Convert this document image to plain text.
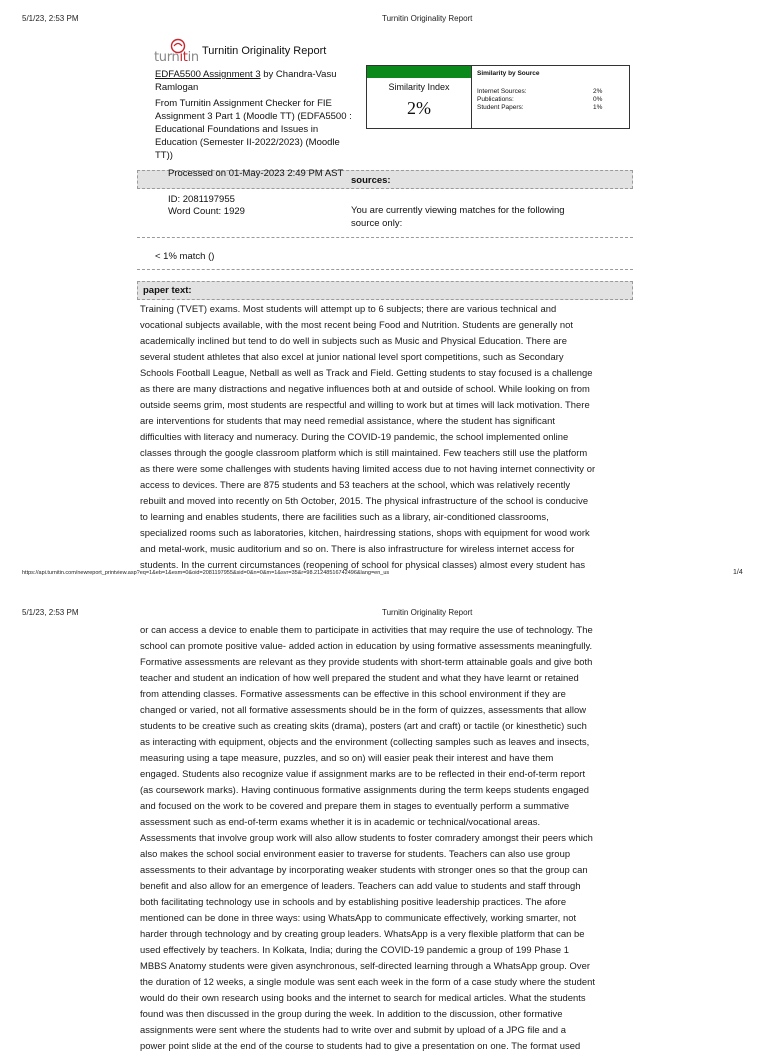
5/1/23, 2:53 PM	Turnitin Originality Report
turnitin Turnitin Originality Report
EDFA5500 Assignment 3 by Chandra-Vasu Ramlogan
From Turnitin Assignment Checker for FIE Assignment 3 Part 1 (Moodle TT) (EDFA5500 : Educational Foundations and Issues in Education (Semester II-2022/2023) (Moodle TT))
Similarity Index
2%
Similarity by Source
Internet Sources:	2%
Publications:	0%
Student Papers:	1%
Processed on 01-May-2023 2:49 PM AST
ID: 2081197955
Word Count: 1929
sources:
You are currently viewing matches for the following source only:
< 1% match ()
paper text:
Training (TVET) exams. Most students will attempt up to 6 subjects; there are various technical and
vocational subjects available, with the most recent being Food and Nutrition. Students are generally not
academically inclined but tend to do well in subjects such as Music and Physical Education. There are
several student athletes that also excel at junior national level sport competitions, such as Secondary
Schools Football League, Netball as well as Track and Field. Getting students to stay focused is a challenge
as there are many distractions and negative influences both at and outside of school. While looking on from
outside seems grim, most students are respectful and willing to work but at times will lack motivation. There
are interventions for students that may need remedial assistance, where the student has significant
difficulties with literacy and numeracy. During the COVID-19 pandemic, the school implemented online
classes through the google classroom platform which is still maintained. Few teachers still use the platform
as there were some challenges with students having limited access due to not having internet connectivity or
access to devices. There are 875 students and 53 teachers at the school, which was relatively recently
rebuilt and moved into recently on 5th October, 2015. The physical infrastructure of the school is conducive
to learning and enables students, there are facilities such as a library, air-conditioned classrooms,
specialized rooms such as laboratories, kitchen, hairdressing stations, shops with equipment for wood work
and metal-work, music auditorium and so on. There is also infrastructure for wireless internet access for
students. In the current circumstances (reopening of school for physical classes) almost every student has
https://api.turnitin.com/newreport_printview.asp?eq=1&eb=1&esm=0&oid=2081197955&sid=0&n=0&m=1&svr=35&r=98.21248516742496&lang=en_us	1/4
5/1/23, 2:53 PM	Turnitin Originality Report
or can access a device to enable them to participate in activities that may require the use of technology. The
school can promote positive value- added action in education by using formative assessments meaningfully.
Formative assessments are relevant as they provide students with short-term attainable goals and give both
teacher and student an indication of how well prepared the student and what they have learnt or retained
from attending classes. Formative assessments can be effective in this school environment if they are
changed or varied, not all formative assessments should be in the form of quizzes, assessments that allow
students to be creative such as creating skits (drama), posters (art and craft) or tactile (or kinesthetic) such
as interacting with equipment, objects and the environment (collecting samples such as leaves and insects,
measuring using a tape measure, puzzles, and so on) will easier peak their interest and have them
engaged. Students also recognize value if assignment marks are to be reflected in their end-of-term report
(as coursework marks). Having continuous formative assignments during the term keeps students engaged
and focused on the work to be covered and prepare them in stages to eventually perform a summative
assessment such as end-of-term exams whether it is in academic or technical/vocational areas.
Assessments that involve group work will also allow students to foster comradery amongst their peers which
also makes the school social environment easier to traverse for students. Teachers can also use group
assessments to their advantage by incorporating weaker students with stronger ones so that the group can
benefit and also allow for an emergence of leaders. Teachers can add value to students and staff through
both facilitating technology use in schools and by establishing positive leadership practices. The afore
mentioned can be done in three ways: using WhatsApp to communicate effectively, working smarter, not
harder through technology and by creating group leaders. WhatsApp is a very flexible platform that can be
used effectively by teachers. In Kolkata, India; during the COVID-19 pandemic a group of 199 Phase 1
MBBS Anatomy students were given asynchronous, self-directed learning through a WhatsApp group. Over
the duration of 12 weeks, a single module was sent each week in the form of a case study where the student
would do their own research using books and the internet to search for medical articles. What the students
found was then discussed in the group during the week. In addition to the discussion, other formative
assignments were sent where the students had to write over and submit by upload of a JPG file and a
power point slide at the end of the course to students had to give a presentation on one. The format used
